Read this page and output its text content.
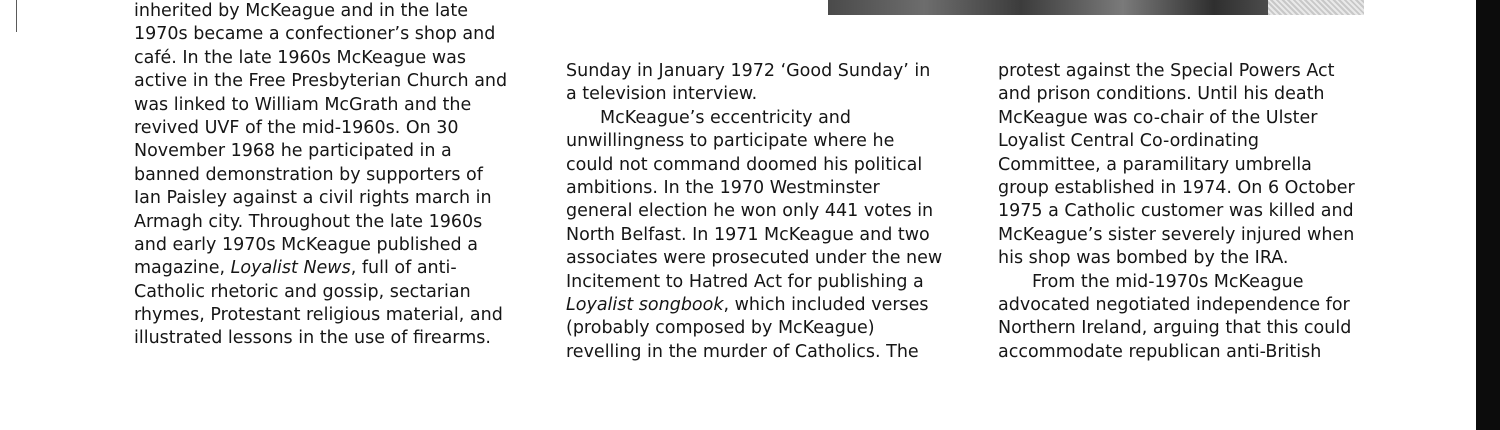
inherited by McKeague and in the late
1970s became a confectioner’s shop and
café. In the late 1960s McKeague was
active in the Free Presbyterian Church and
was linked to William McGrath and the
revived UVF of the mid-1960s. On 30
November 1968 he participated in a
banned demonstration by supporters of
Ian Paisley against a civil rights march in
Armagh city. Throughout the late 1960s
and early 1970s McKeague published a
magazine, Loyalist News, full of anti-
Catholic rhetoric and gossip, sectarian
rhymes, Protestant religious material, and
illustrated lessons in the use of firearms.
Sunday in January 1972 ‘Good Sunday’ in
a television interview.
McKeague’s eccentricity and
unwillingness to participate where he
could not command doomed his political
ambitions. In the 1970 Westminster
general election he won only 441 votes in
North Belfast. In 1971 McKeague and two
associates were prosecuted under the new
Incitement to Hatred Act for publishing a
Loyalist songbook, which included verses
(probably composed by McKeague)
revelling in the murder of Catholics. The
protest against the Special Powers Act
and prison conditions. Until his death
McKeague was co-chair of the Ulster
Loyalist Central Co-ordinating
Committee, a paramilitary umbrella
group established in 1974. On 6 October
1975 a Catholic customer was killed and
McKeague’s sister severely injured when
his shop was bombed by the IRA.
From the mid-1970s McKeague
advocated negotiated independence for
Northern Ireland, arguing that this could
accommodate republican anti-British
